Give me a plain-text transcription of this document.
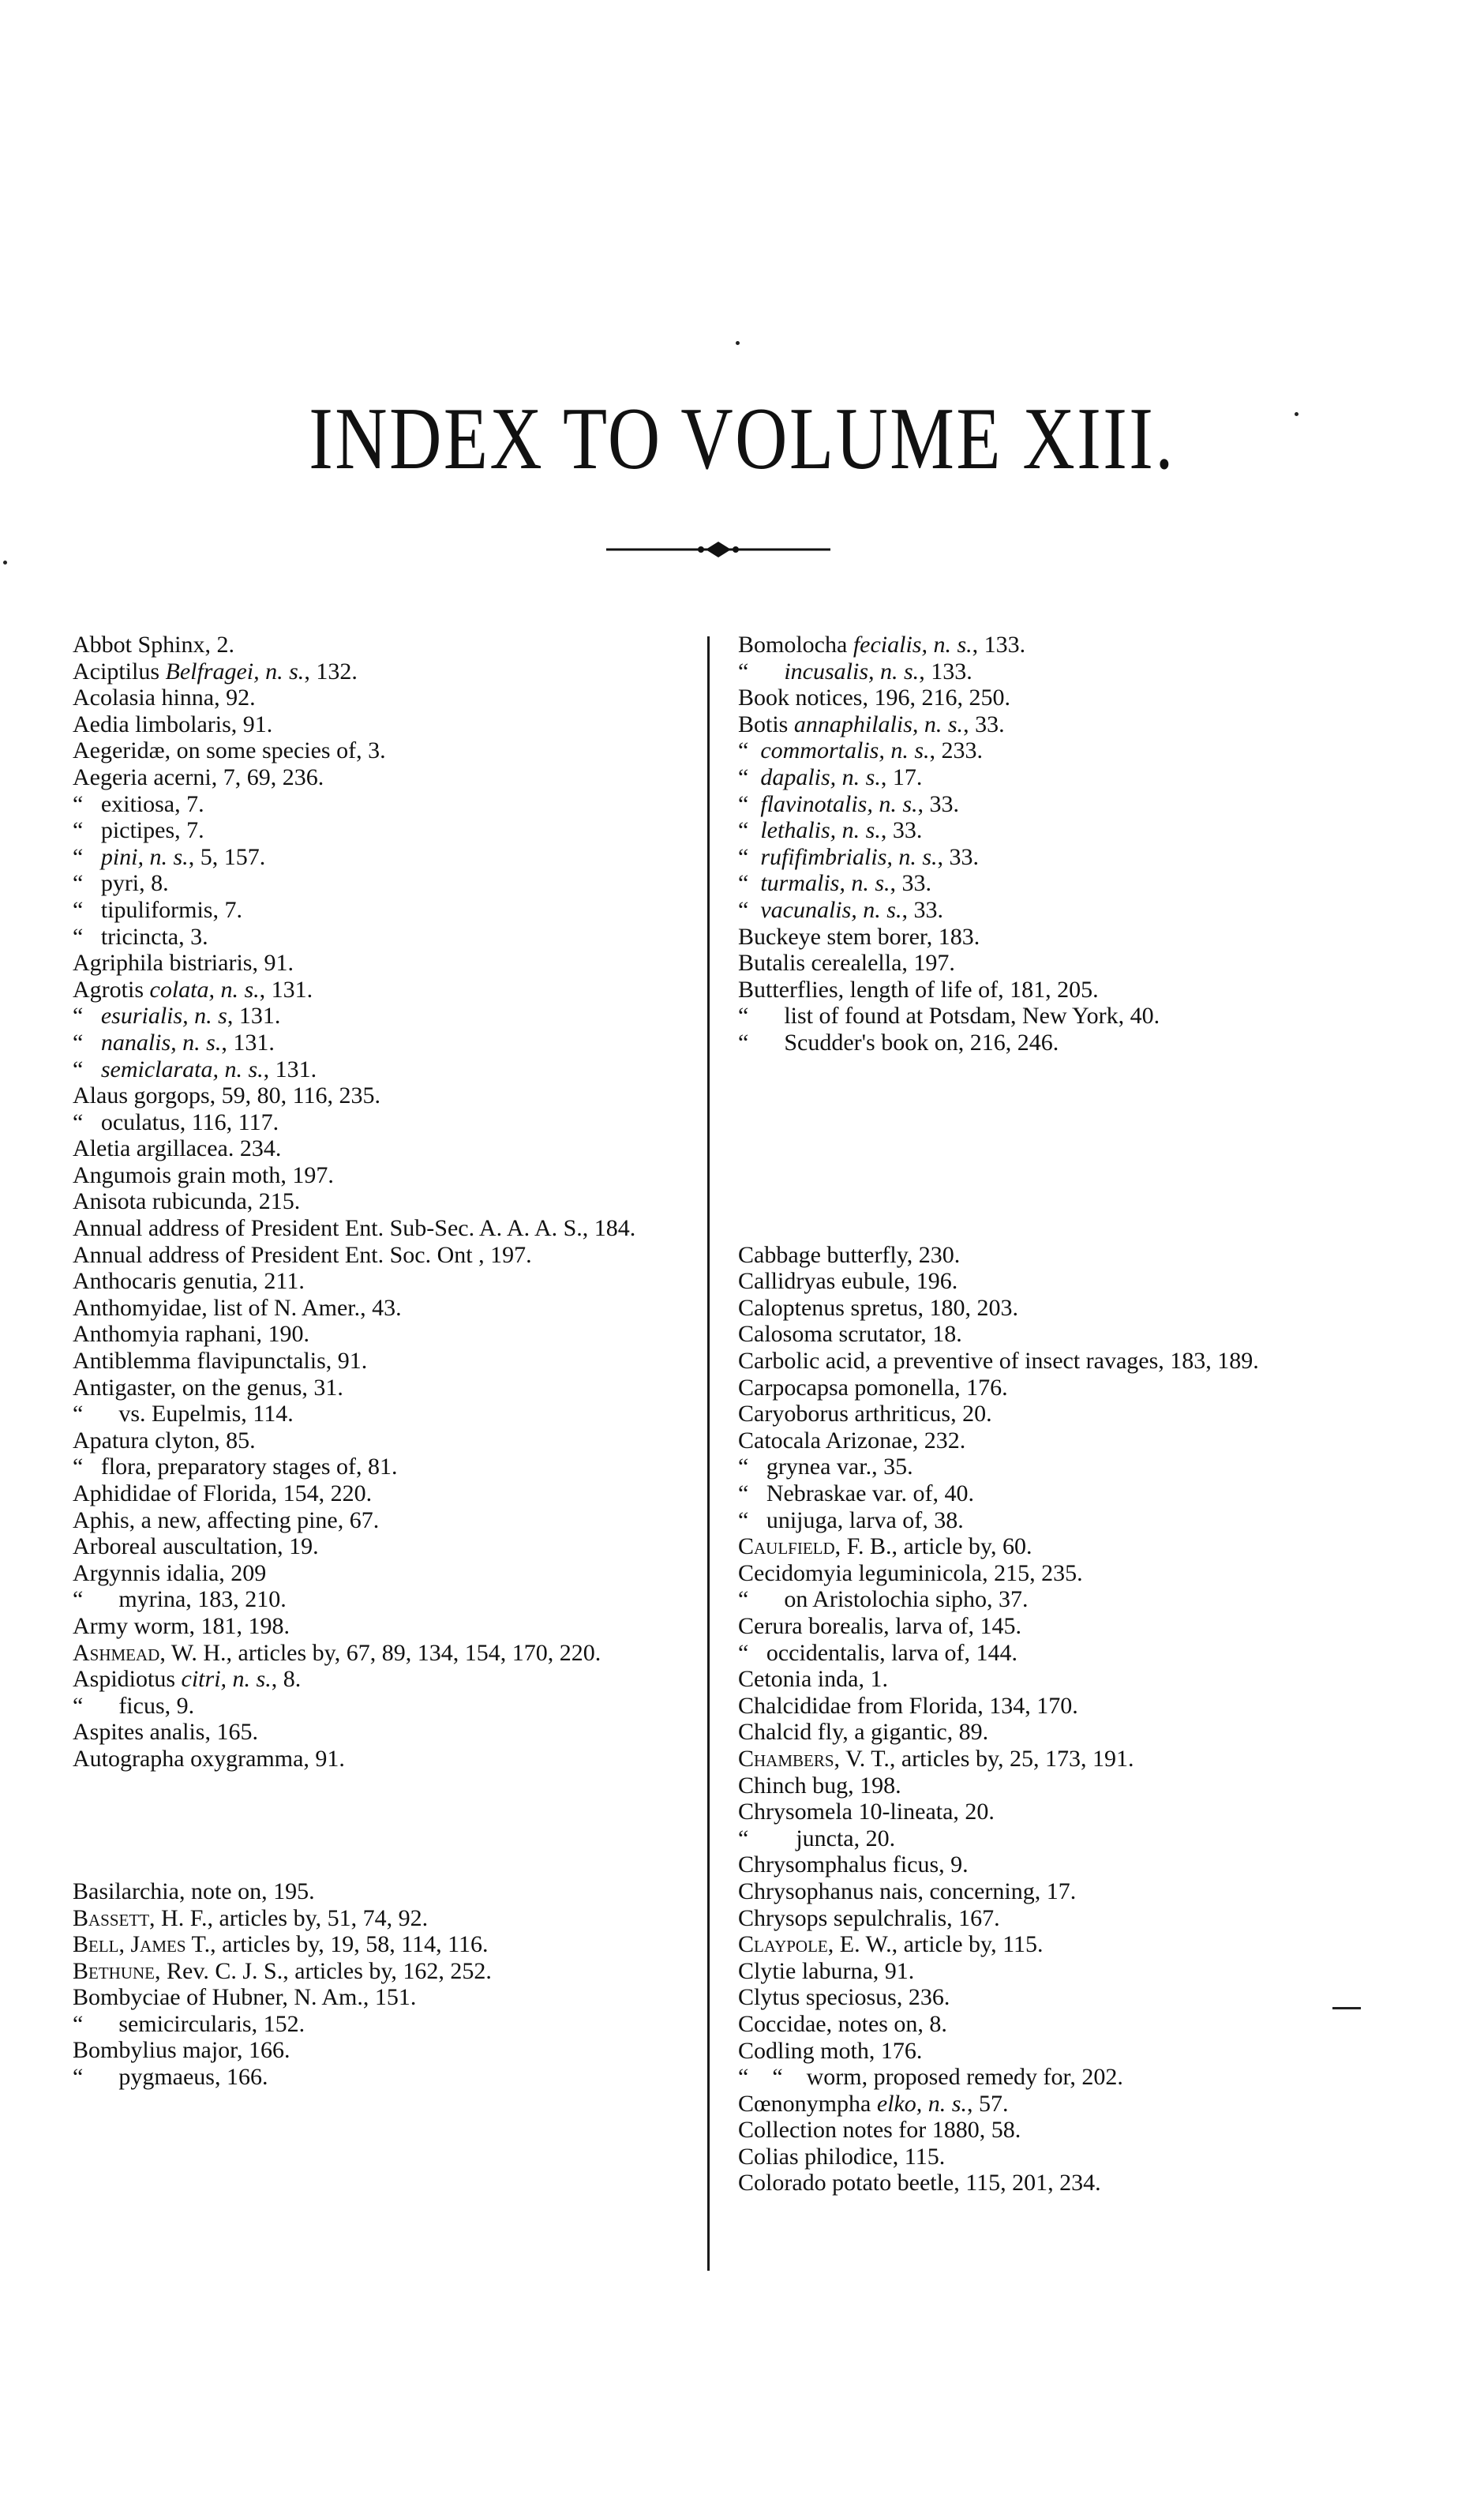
INDEX TO VOLUME XIII.
Abbot Sphinx, 2.
Aciptilus Belfragei, n. s., 132.
Acolasia hinna, 92.
Aedia limbolaris, 91.
Aegeridæ, on some species of, 3.
Aegeria acerni, 7, 69, 236.
“   exitiosa, 7.
“   pictipes, 7.
“   pini, n. s., 5, 157.
“   pyri, 8.
“   tipuliformis, 7.
“   tricincta, 3.
Agriphila bistriaris, 91.
Agrotis colata, n. s., 131.
“   esurialis, n. s, 131.
“   nanalis, n. s., 131.
“   semiclarata, n. s., 131.
Alaus gorgops, 59, 80, 116, 235.
“   oculatus, 116, 117.
Aletia argillacea. 234.
Angumois grain moth, 197.
Anisota rubicunda, 215.
Annual address of President Ent. Sub-Sec. A. A. A. S., 184.
Annual address of President Ent. Soc. Ont , 197.
Anthocaris genutia, 211.
Anthomyidae, list of N. Amer., 43.
Anthomyia raphani, 190.
Antiblemma flavipunctalis, 91.
Antigaster, on the genus, 31.
“      vs. Eupelmis, 114.
Apatura clyton, 85.
“   flora, preparatory stages of, 81.
Aphididae of Florida, 154, 220.
Aphis, a new, affecting pine, 67.
Arboreal auscultation, 19.
Argynnis idalia, 209
“      myrina, 183, 210.
Army worm, 181, 198.
Ashmead, W. H., articles by, 67, 89, 134, 154, 170, 220.
Aspidiotus citri, n. s., 8.
“      ficus, 9.
Aspites analis, 165.
Autographa oxygramma, 91.
Basilarchia, note on, 195.
Bassett, H. F., articles by, 51, 74, 92.
Bell, James T., articles by, 19, 58, 114, 116.
Bethune, Rev. C. J. S., articles by, 162, 252.
Bombyciae of Hubner, N. Am., 151.
“      semicircularis, 152.
Bombylius major, 166.
“      pygmaeus, 166.
Bomolocha fecialis, n. s., 133.
“      incusalis, n. s., 133.
Book notices, 196, 216, 250.
Botis annaphilalis, n. s., 33.
“  commortalis, n. s., 233.
“  dapalis, n. s., 17.
“  flavinotalis, n. s., 33.
“  lethalis, n. s., 33.
“  rufifimbrialis, n. s., 33.
“  turmalis, n. s., 33.
“  vacunalis, n. s., 33.
Buckeye stem borer, 183.
Butalis cerealella, 197.
Butterflies, length of life of, 181, 205.
“      list of found at Potsdam, New York, 40.
“      Scudder's book on, 216, 246.
Cabbage butterfly, 230.
Callidryas eubule, 196.
Caloptenus spretus, 180, 203.
Calosoma scrutator, 18.
Carbolic acid, a preventive of insect ravages, 183, 189.
Carpocapsa pomonella, 176.
Caryoborus arthriticus, 20.
Catocala Arizonae, 232.
“   grynea var., 35.
“   Nebraskae var. of, 40.
“   unijuga, larva of, 38.
Caulfield, F. B., article by, 60.
Cecidomyia leguminicola, 215, 235.
“      on Aristolochia sipho, 37.
Cerura borealis, larva of, 145.
“   occidentalis, larva of, 144.
Cetonia inda, 1.
Chalcididae from Florida, 134, 170.
Chalcid fly, a gigantic, 89.
Chambers, V. T., articles by, 25, 173, 191.
Chinch bug, 198.
Chrysomela 10-lineata, 20.
“        juncta, 20.
Chrysomphalus ficus, 9.
Chrysophanus nais, concerning, 17.
Chrysops sepulchralis, 167.
Claypole, E. W., article by, 115.
Clytie laburna, 91.
Clytus speciosus, 236.
Coccidae, notes on, 8.
Codling moth, 176.
“    “    worm, proposed remedy for, 202.
Cœnonympha elko, n. s., 57.
Collection notes for 1880, 58.
Colias philodice, 115.
Colorado potato beetle, 115, 201, 234.
